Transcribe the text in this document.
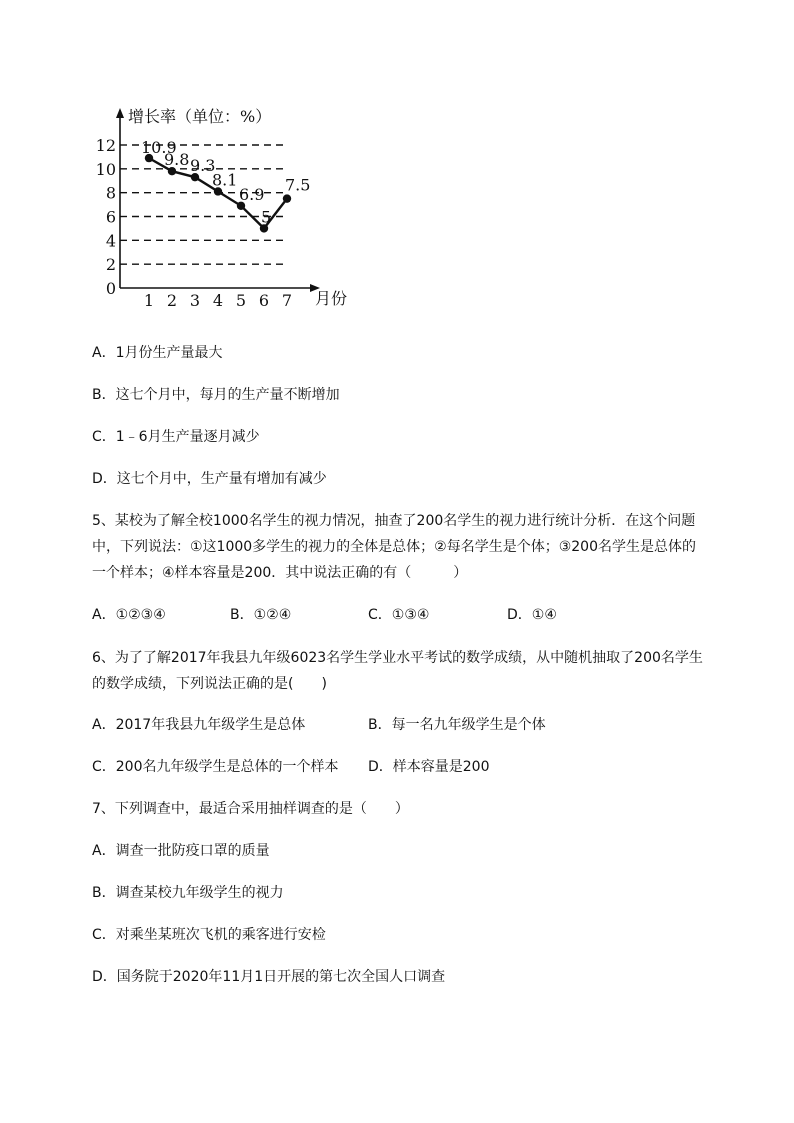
0
2
4
6
8
10
12
1 2 3 4 5 6 7
10.9
9.8 9.3
8.1
6.9
5
7.5
增长率（单位：%）
月份
A．1月份生产量最大
B．这七个月中，每月的生产量不断增加
C．1﹣6月生产量逐月减少
D．这七个月中，生产量有增加有减少
5、某校为了解全校1000名学生的视力情况，抽查了200名学生的视力进行统计分析．在这个问题
中，下列说法：①这1000多学生的视力的全体是总体；②每名学生是个体；③200名学生是总体的
一个样本；④样本容量是200．其中说法正确的有（　　　）
A．①②③④	B．①②④	C．①③④	D．①④
6、为了了解2017年我县九年级6023名学生学业水平考试的数学成绩，从中随机抽取了200名学生
的数学成绩，下列说法正确的是(　　)
A．2017年我县九年级学生是总体	B．每一名九年级学生是个体
C．200名九年级学生是总体的一个样本 D．样本容量是200
7、下列调查中，最适合采用抽样调查的是（　　）
A．调查一批防疫口罩的质量
B．调查某校九年级学生的视力
C．对乘坐某班次飞机的乘客进行安检
D．国务院于2020年11月1日开展的第七次全国人口调查
